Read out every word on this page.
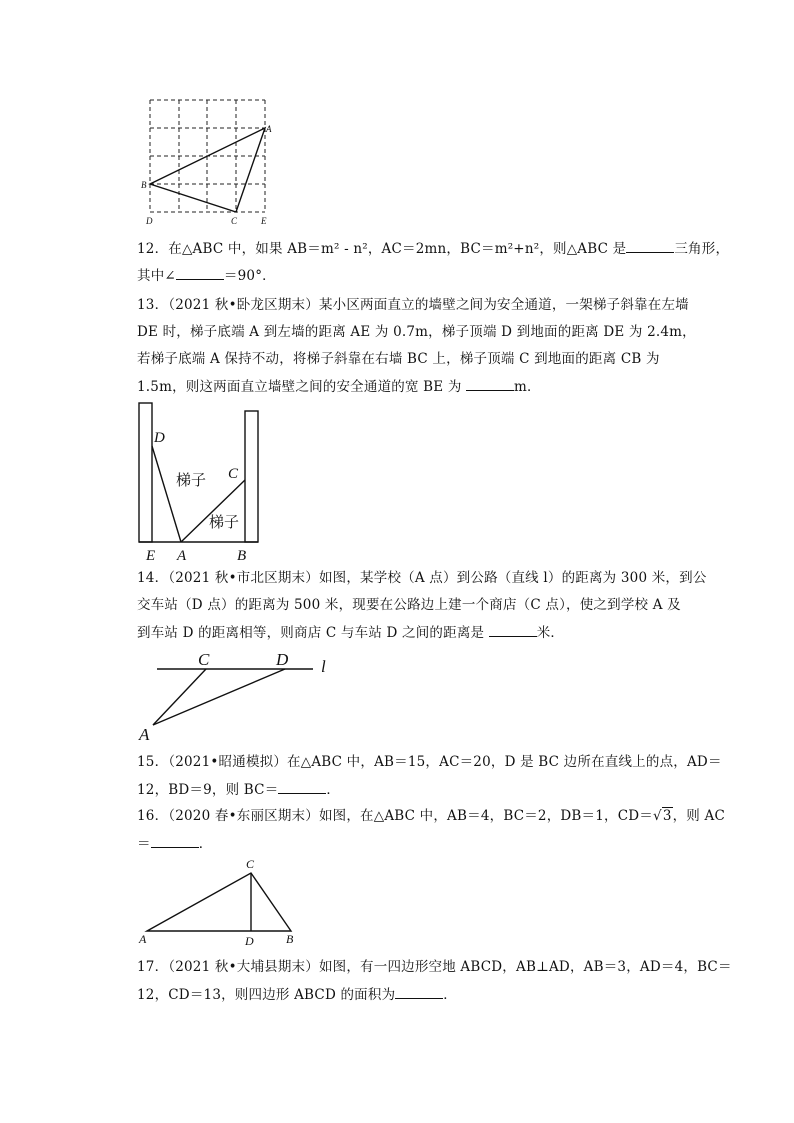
A
B
C
D	E
12．在△ABC 中，如果 AB＝m² - n²，AC＝2mn，BC＝m²+n²，则△ABC 是	三角形，
其中∠	＝90°．
13．（2021 秋•卧龙区期末）某小区两面直立的墙壁之间为安全通道，一架梯子斜靠在左墙
DE 时，梯子底端 A 到左墙的距离 AE 为 0.7m，梯子顶端 D 到地面的距离 DE 为 2.4m，
若梯子底端 A 保持不动，将梯子斜靠在右墙 BC 上，梯子顶端 C 到地面的距离 CB 为
1.5m，则这两面直立墙壁之间的安全通道的宽 BE 为	m．
D
C
梯子
梯子
E A	B
14．（2021 秋•市北区期末）如图，某学校（A 点）到公路（直线 l）的距离为 300 米，到公
交车站（D 点）的距离为 500 米，现要在公路边上建一个商店（C 点），使之到学校 A 及
到车站 D 的距离相等，则商店 C 与车站 D 之间的距离是	米．
C	D l
A
15．（2021•昭通模拟）在△ABC 中，AB＝15，AC＝20，D 是 BC 边所在直线上的点，AD＝
12，BD＝9，则 BC＝	．
16．（2020 春•东丽区期末）如图，在△ABC 中，AB＝4，BC＝2，DB＝1，CD＝√3，则 AC
＝	．
C
A	D	B
17．（2021 秋•大埔县期末）如图，有一四边形空地 ABCD，AB⊥AD，AB＝3，AD＝4，BC＝
12，CD＝13，则四边形 ABCD 的面积为	．
